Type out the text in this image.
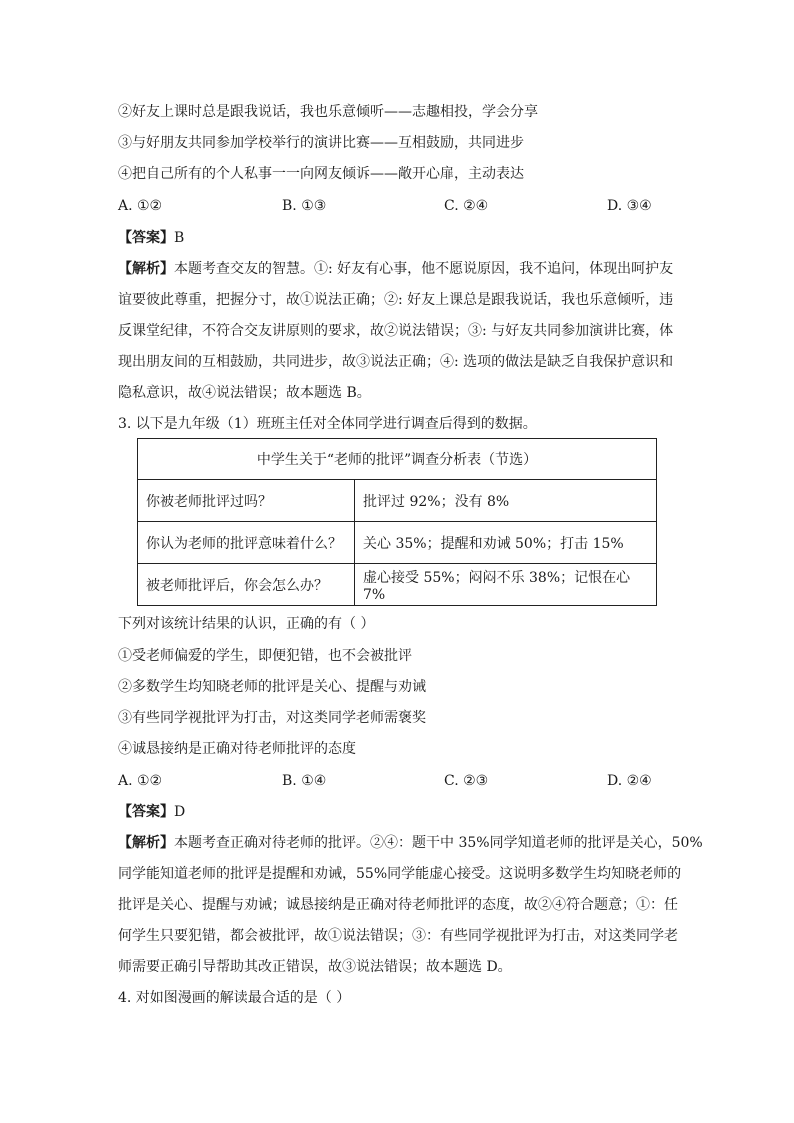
②好友上课时总是跟我说话，我也乐意倾听——志趣相投，学会分享
③与好朋友共同参加学校举行的演讲比赛——互相鼓励，共同进步
④把自己所有的个人私事一一向网友倾诉——敞开心扉，主动表达
A. ①②	B. ①③	C. ②④	D. ③④
【答案】B
【解析】本题考查交友的智慧。①: 好友有心事，他不愿说原因，我不追问，体现出呵护友
谊要彼此尊重，把握分寸，故①说法正确；②: 好友上课总是跟我说话，我也乐意倾听，违
反课堂纪律，不符合交友讲原则的要求，故②说法错误；③: 与好友共同参加演讲比赛，体
现出朋友间的互相鼓励，共同进步，故③说法正确；④: 选项的做法是缺乏自我保护意识和
隐私意识，故④说法错误；故本题选 B。
3. 以下是九年级（1）班班主任对全体同学进行调查后得到的数据。
中学生关于“老师的批评”调查分析表（节选）	
你被老师批评过吗？	批评过 92%；没有 8%
你认为老师的批评意味着什么？	关心 35%；提醒和劝诫 50%；打击 15%
被老师批评后，你会怎么办？	虚心接受 55%；闷闷不乐 38%；记恨在心 7%
下列对该统计结果的认识，正确的有（ ）
①受老师偏爱的学生，即便犯错，也不会被批评
②多数学生均知晓老师的批评是关心、提醒与劝诫
③有些同学视批评为打击，对这类同学老师需褒奖
④诚恳接纳是正确对待老师批评的态度
A. ①②	B. ①④	C. ②③	D. ②④
【答案】D
【解析】本题考查正确对待老师的批评。②④：题干中 35%同学知道老师的批评是关心，50%
同学能知道老师的批评是提醒和劝诫，55%同学能虚心接受。这说明多数学生均知晓老师的
批评是关心、提醒与劝诫；诚恳接纳是正确对待老师批评的态度，故②④符合题意；①：任
何学生只要犯错，都会被批评，故①说法错误；③：有些同学视批评为打击，对这类同学老
师需要正确引导帮助其改正错误，故③说法错误；故本题选 D。
4. 对如图漫画的解读最合适的是（ ）
